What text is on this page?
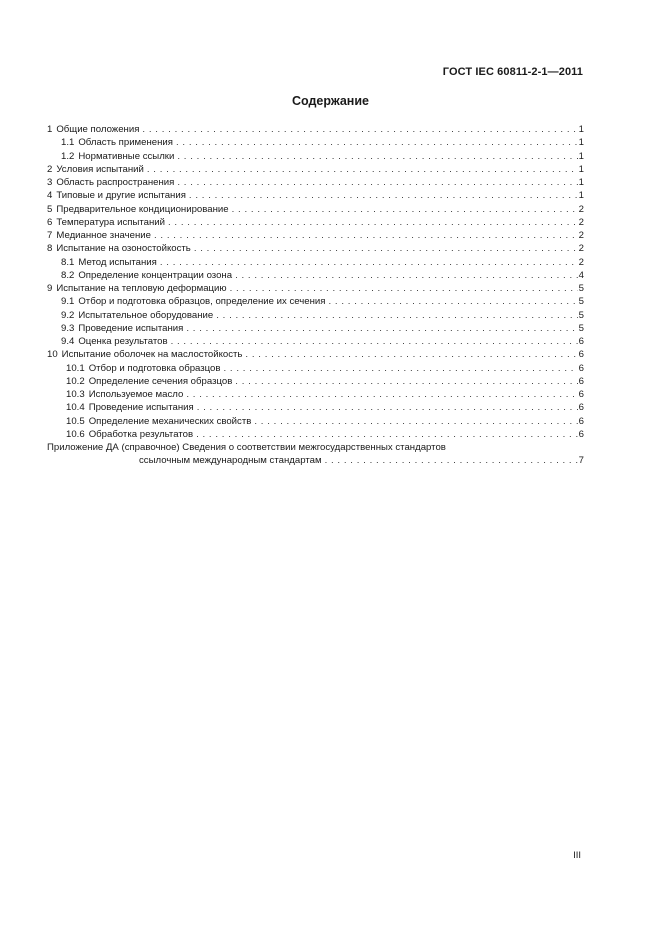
ГОСТ IEC 60811-2-1—2011
Содержание
1 Общие положения . . .	1
1.1 Область применения . . .	1
1.2 Нормативные ссылки . . .	1
2 Условия испытаний . . .	1
3 Область распространения . . .	1
4 Типовые и другие испытания . . .	1
5 Предварительное кондиционирование . . .	2
6 Температура испытаний . . .	2
7 Медианное значение . . .	2
8 Испытание на озоностойкость . . .	2
8.1 Метод испытания . . .	2
8.2 Определение концентрации озона . . .	4
9 Испытание на тепловую деформацию . . .	5
9.1 Отбор и подготовка образцов, определение их сечения . . .	5
9.2 Испытательное оборудование . . .	5
9.3 Проведение испытания . . .	5
9.4 Оценка результатов . . .	6
10 Испытание оболочек на маслостойкость . . .	6
10.1 Отбор и подготовка образцов . . .	6
10.2 Определение сечения образцов . . .	6
10.3 Используемое масло . . .	6
10.4 Проведение испытания . . .	6
10.5 Определение механических свойств . . .	6
10.6 Обработка результатов . . .	6
Приложение ДА (справочное) Сведения о соответствии межгосударственных стандартов
ссылочным международным стандартам . . .	7
III
